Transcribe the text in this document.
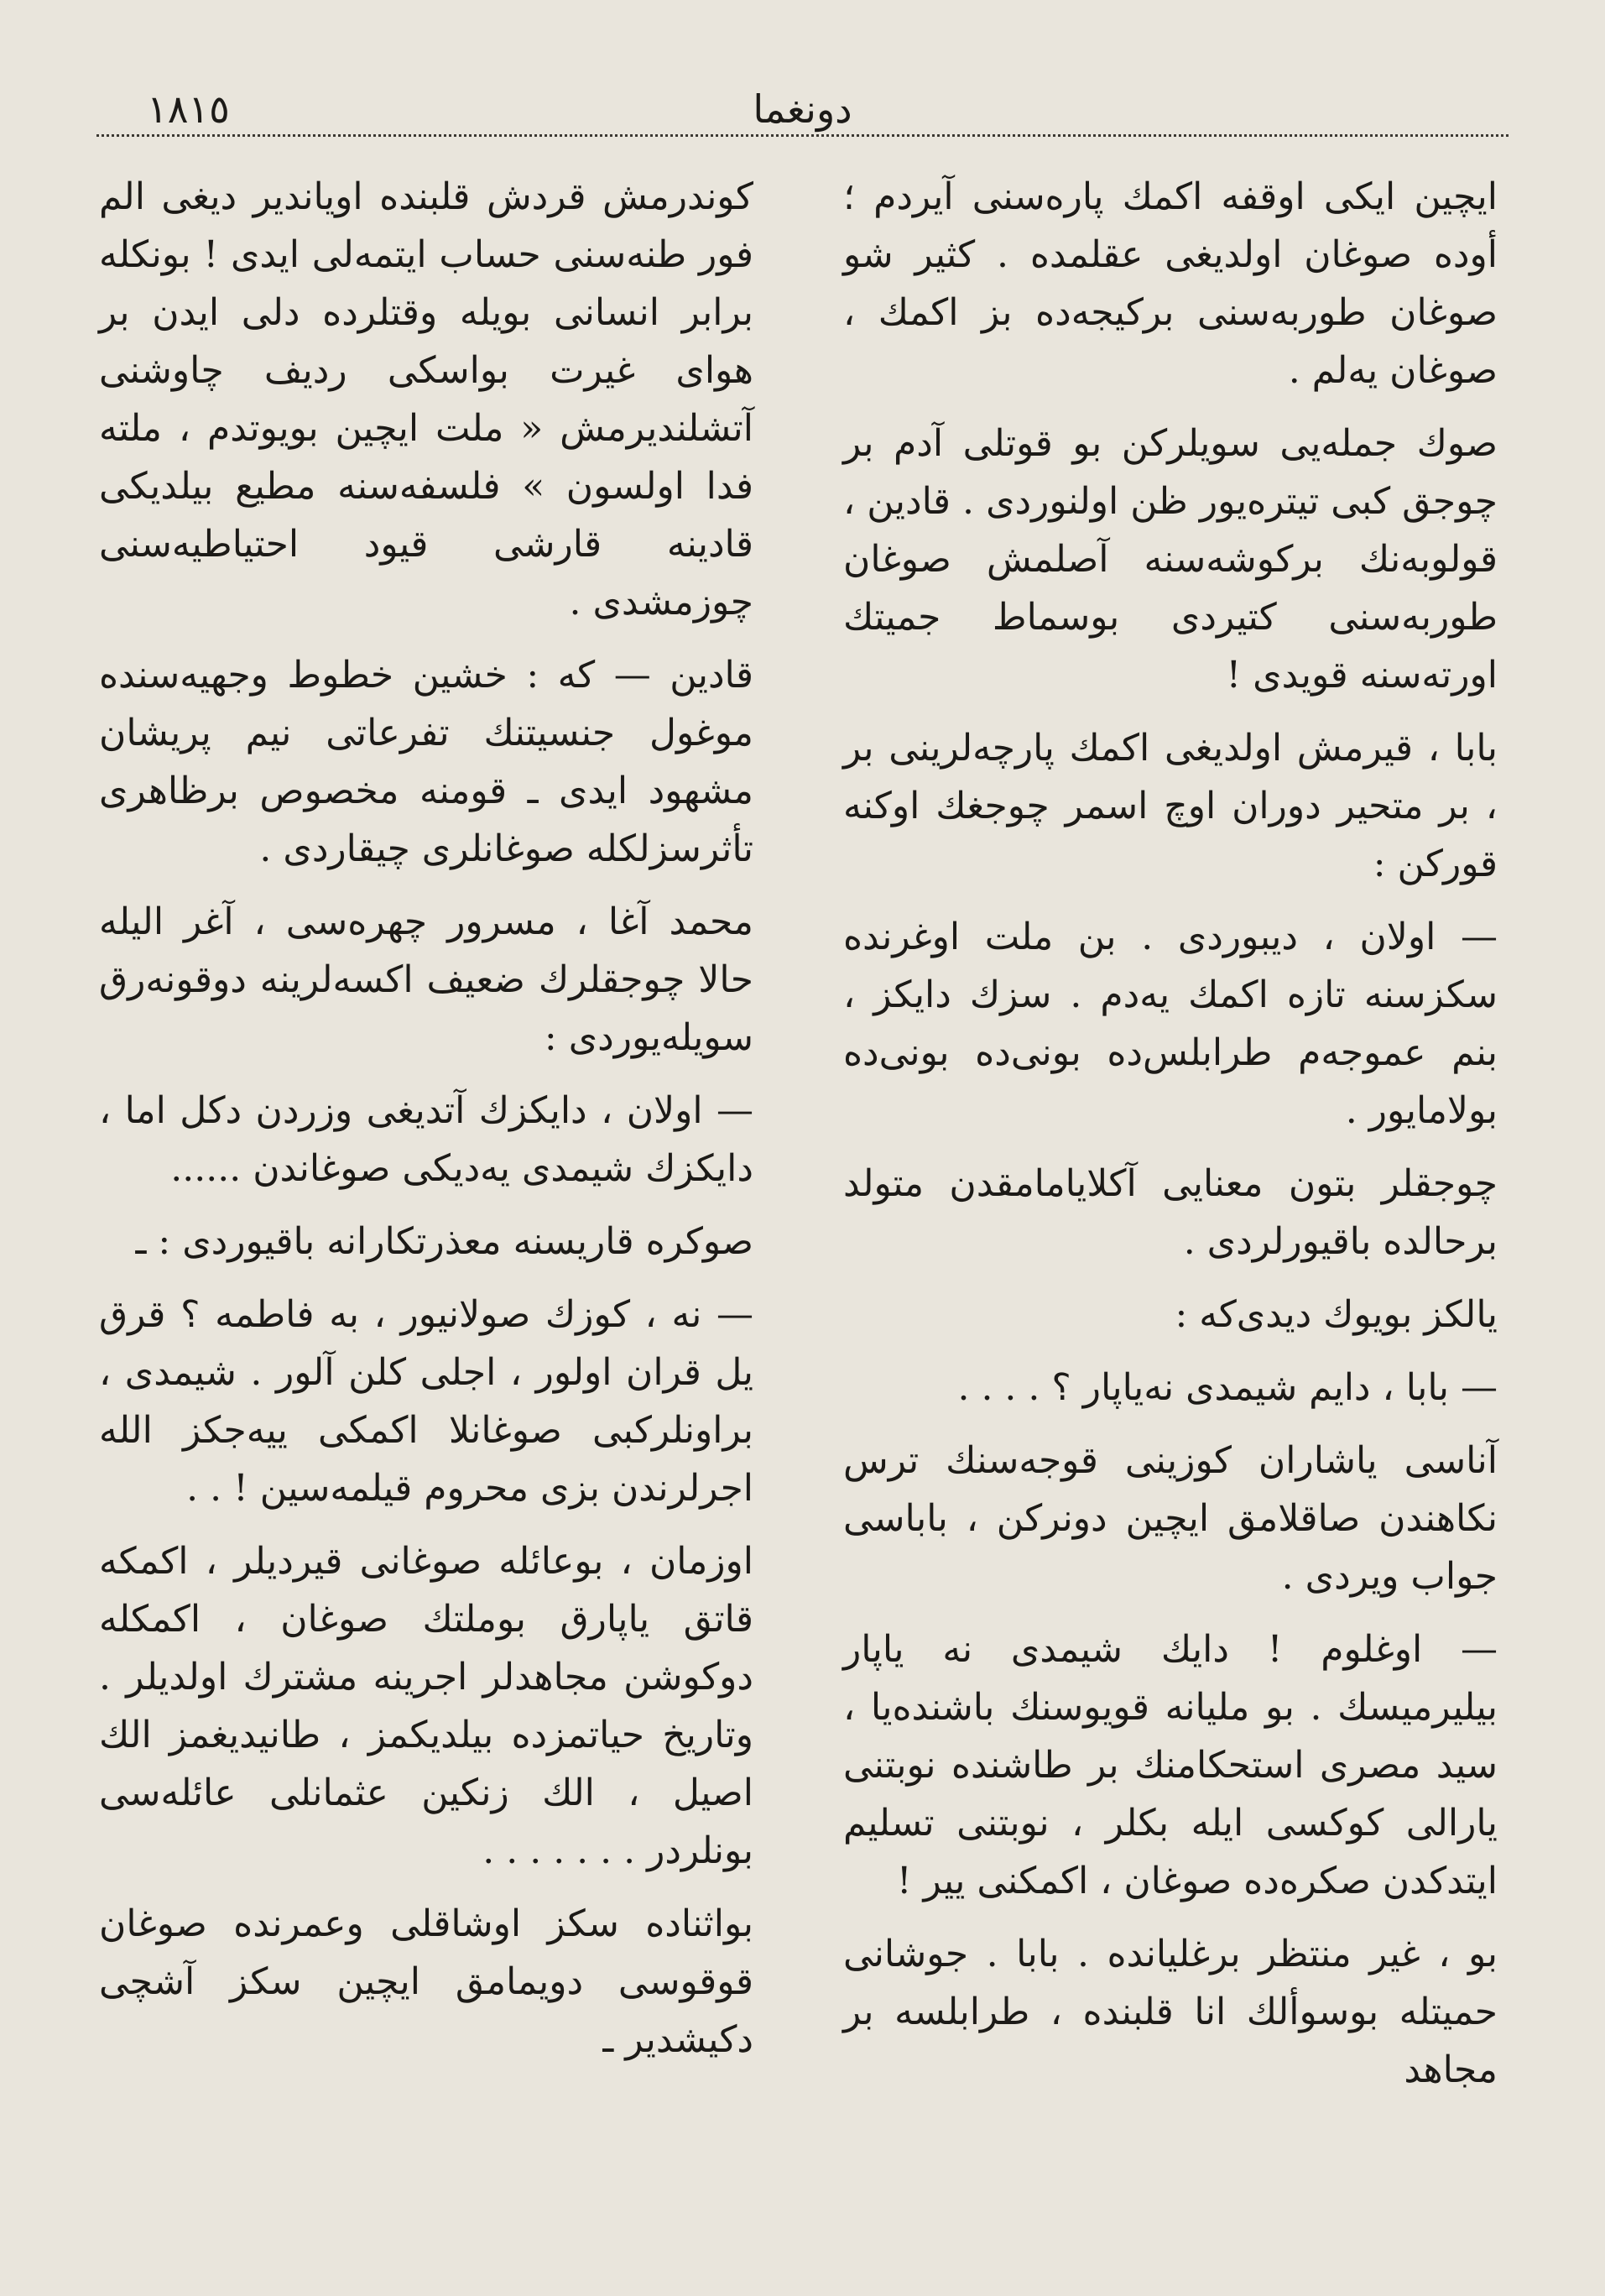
دونغما
١٨١٥

ايچين ايكى اوقفه اكمك پاره‌سنى آيردم ؛ أوده صوغان اولديغى عقلمده . كثير شو صوغان طوربه‌سنى بركيجه‌ده بز اكمك ، صوغان يه‌لم .

صوك جمله‌يى سويلركن بو قوتلى آدم بر چوجق كبى تيتره‌يور ظن اولنوردى . قادين ، قولوبه‌نك بركوشه‌سنه آصلمش صوغان طوربه‌سنى كتيردى بوسماط جميتك اورته‌سنه قويدى !

بابا ، قيرمش اولديغى اكمك پارچه‌لرينى بر ، بر متحير دوران اوچ اسمر چوجغك اوكنه قوركن :

— اولان ، ديبوردى . بن ملت اوغرنده سكزسنه تازه اكمك يه‌دم . سزك دايكز ، بنم عموجه‌م طرابلس‌ده بونى‌ده بونى‌ده بولامايور .

چوجقلر بتون معنايى آكلايامامقدن متولد برحالده باقيورلردى .

يالكز بويوك ديدى‌كه :

— بابا ، دايم شيمدى نه‌ياپار ؟ . . . .

آناسى ياشاران كوزينى قوجه‌سنك ترس نكاهندن صاقلامق ايچين دونركن ، باباسى جواب ويردى .

— اوغلوم ! دايك شيمدى نه ياپار بيليرميسك . بو مليانه قويوسنك باشنده‌يا ، سيد مصرى استحكامنك بر طاشنده نوبتنى يارالى كوكسى ايله بكلر ، نوبتنى تسليم ايتدكدن صكره‌ده صوغان ، اكمكنى يير !

بو ، غير منتظر برغليانده . بابا . جوشانى حميتله بوسوألك انا قلبنده ، طرابلسه بر مجاهد

كوندرمش قردش قلبنده اوياندير ديغى الم فور طنه‌سنى حساب ايتمه‌لى ايدى ! بونكله برابر انسانى بويله وقتلرده دلى ايدن بر هواى غيرت بواسكى رديف چاوشنى آتشلنديرمش « ملت ايچين بويوتدم ، ملته فدا اولسون » فلسفه‌سنه مطيع بيلديكى قادينه قارشى قيود احتياطيه‌سنى چوزمشدى .

قادين — كه : خشين خطوط وجهيه‌سنده موغول جنسيتنك تفرعاتى نيم پريشان مشهود ايدى ـ قومنه مخصوص برظاهرى تأثرسزلكله صوغانلرى چيقاردى .

محمد آغا ، مسرور چهره‌سى ، آغر اليله حالا چوجقلرك ضعيف اكسه‌لرينه دوقونه‌رق سويله‌يوردى :

— اولان ، دايكزك آتديغى وزردن دكل اما ، دايكزك شيمدى يه‌ديكى صوغاندن ......

صوكره قاريسنه معذرتكارانه باقيوردى : ـ

— نه ، كوزك صولانيور ، به فاطمه ؟ قرق يل قران اولور ، اجلى كلن آلور . شيمدى ، براونلركبى صوغانلا اكمكى ييه‌جكز الله اجرلرندن بزى محروم قيلمه‌سين ! . .

اوزمان ، بوعائله صوغانى قيرديلر ، اكمكه قاتق ياپارق بوملتك صوغان ، اكمكله دوكوشن مجاهدلر اجرينه مشترك اولديلر . وتاريخ حياتمزده بيلديكمز ، طانيديغمز الك اصيل ، الك زنكين عثمانلى عائله‌سى بونلردر . . . . . . .

بواثناده سكز اوشاقلى وعمرنده صوغان قوقوسى دويمامق ايچين سكز آشچى دكيشدير ـ
